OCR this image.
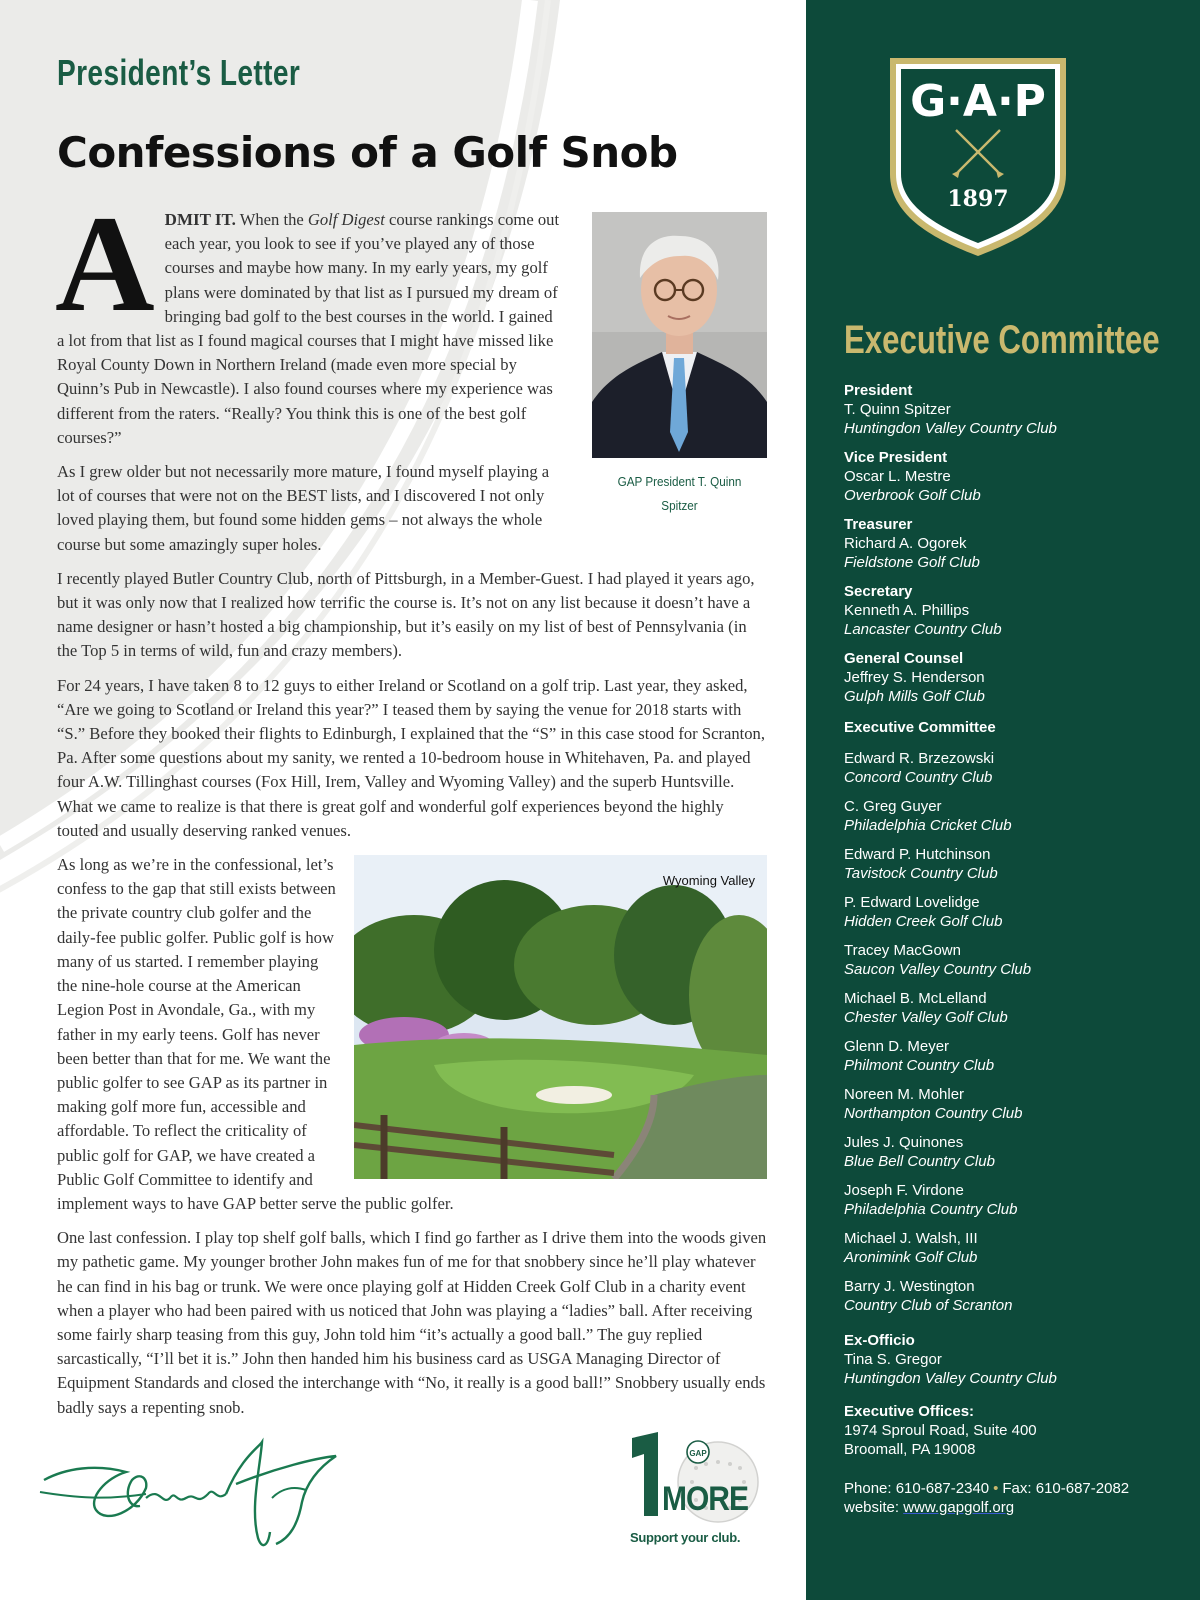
President’s Letter
Confessions of a Golf Snob
GAP President T. Quinn Spitzer
A DMIT IT. When the Golf Digest course rankings come out each year, you look to see if you’ve played any of those courses and maybe how many. In my early years, my golf plans were dominated by that list as I pursued my dream of bringing bad golf to the best courses in the world. I gained a lot from that list as I found magical courses that I might have missed like Royal County Down in Northern Ireland (made even more special by Quinn’s Pub in Newcastle). I also found courses where my experience was different from the raters. “Really? You think this is one of the best golf courses?”

As I grew older but not necessarily more mature, I found myself playing a lot of courses that were not on the BEST lists, and I discovered I not only loved playing them, but found some hidden gems – not always the whole course but some amazingly super holes.

I recently played Butler Country Club, north of Pittsburgh, in a Member-Guest. I had played it years ago, but it was only now that I realized how terrific the course is. It’s not on any list because it doesn’t have a name designer or hasn’t hosted a big championship, but it’s easily on my list of best of Pennsylvania (in the Top 5 in terms of wild, fun and crazy members).

For 24 years, I have taken 8 to 12 guys to either Ireland or Scotland on a golf trip. Last year, they asked, “Are we going to Scotland or Ireland this year?” I teased them by saying the venue for 2018 starts with “S.” Before they booked their flights to Edinburgh, I explained that the “S” in this case stood for Scranton, Pa. After some questions about my sanity, we rented a 10-bedroom house in Whitehaven, Pa. and played four A.W. Tillinghast courses (Fox Hill, Irem, Valley and Wyoming Valley) and the superb Huntsville. What we came to realize is that there is great golf and wonderful golf experiences beyond the highly touted and usually deserving ranked venues.

Wyoming Valley

As long as we’re in the confessional, let’s confess to the gap that still exists between the private country club golfer and the daily-fee public golfer. Public golf is how many of us started. I remember playing the nine-hole course at the American Legion Post in Avondale, Ga., with my father in my early teens. Golf has never been better than that for me. We want the public golfer to see GAP as its partner in making golf more fun, accessible and affordable. To reflect the criticality of public golf for GAP, we have created a Public Golf Committee to identify and implement ways to have GAP better serve the public golfer.

One last confession. I play top shelf golf balls, which I find go farther as I drive them into the woods given my pathetic game. My younger brother John makes fun of me for that snobbery since he’ll play whatever he can find in his bag or trunk. We were once playing golf at Hidden Creek Golf Club in a charity event when a player who had been paired with us noticed that John was playing a “ladies” ball. After receiving some fairly sharp teasing from this guy, John told him “it’s actually a good ball.” The guy replied sarcastically, “I’ll bet it is.” John then handed him his business card as USGA Managing Director of Equipment Standards and closed the interchange with “No, it really is a good ball!” Snobbery usually ends badly says a repenting snob.

GAP
1
MORE
Support your club.
G·A·P
1897
Executive Committee
President
T. Quinn Spitzer
Huntingdon Valley Country Club
Vice President
Oscar L. Mestre
Overbrook Golf Club
Treasurer
Richard A. Ogorek
Fieldstone Golf Club
Secretary
Kenneth A. Phillips
Lancaster Country Club
General Counsel
Jeffrey S. Henderson
Gulph Mills Golf Club
Executive Committee
Edward R. Brzezowski
Concord Country Club
C. Greg Guyer
Philadelphia Cricket Club
Edward P. Hutchinson
Tavistock Country Club
P. Edward Lovelidge
Hidden Creek Golf Club
Tracey MacGown
Saucon Valley Country Club
Michael B. McLelland
Chester Valley Golf Club
Glenn D. Meyer
Philmont Country Club
Noreen M. Mohler
Northampton Country Club
Jules J. Quinones
Blue Bell Country Club
Joseph F. Virdone
Philadelphia Country Club
Michael J. Walsh, III
Aronimink Golf Club
Barry J. Westington
Country Club of Scranton
Ex-Officio
Tina S. Gregor
Huntingdon Valley Country Club
Executive Offices:
1974 Sproul Road, Suite 400
Broomall, PA 19008
Phone: 610-687-2340 • Fax: 610-687-2082
website: www.gapgolf.org
